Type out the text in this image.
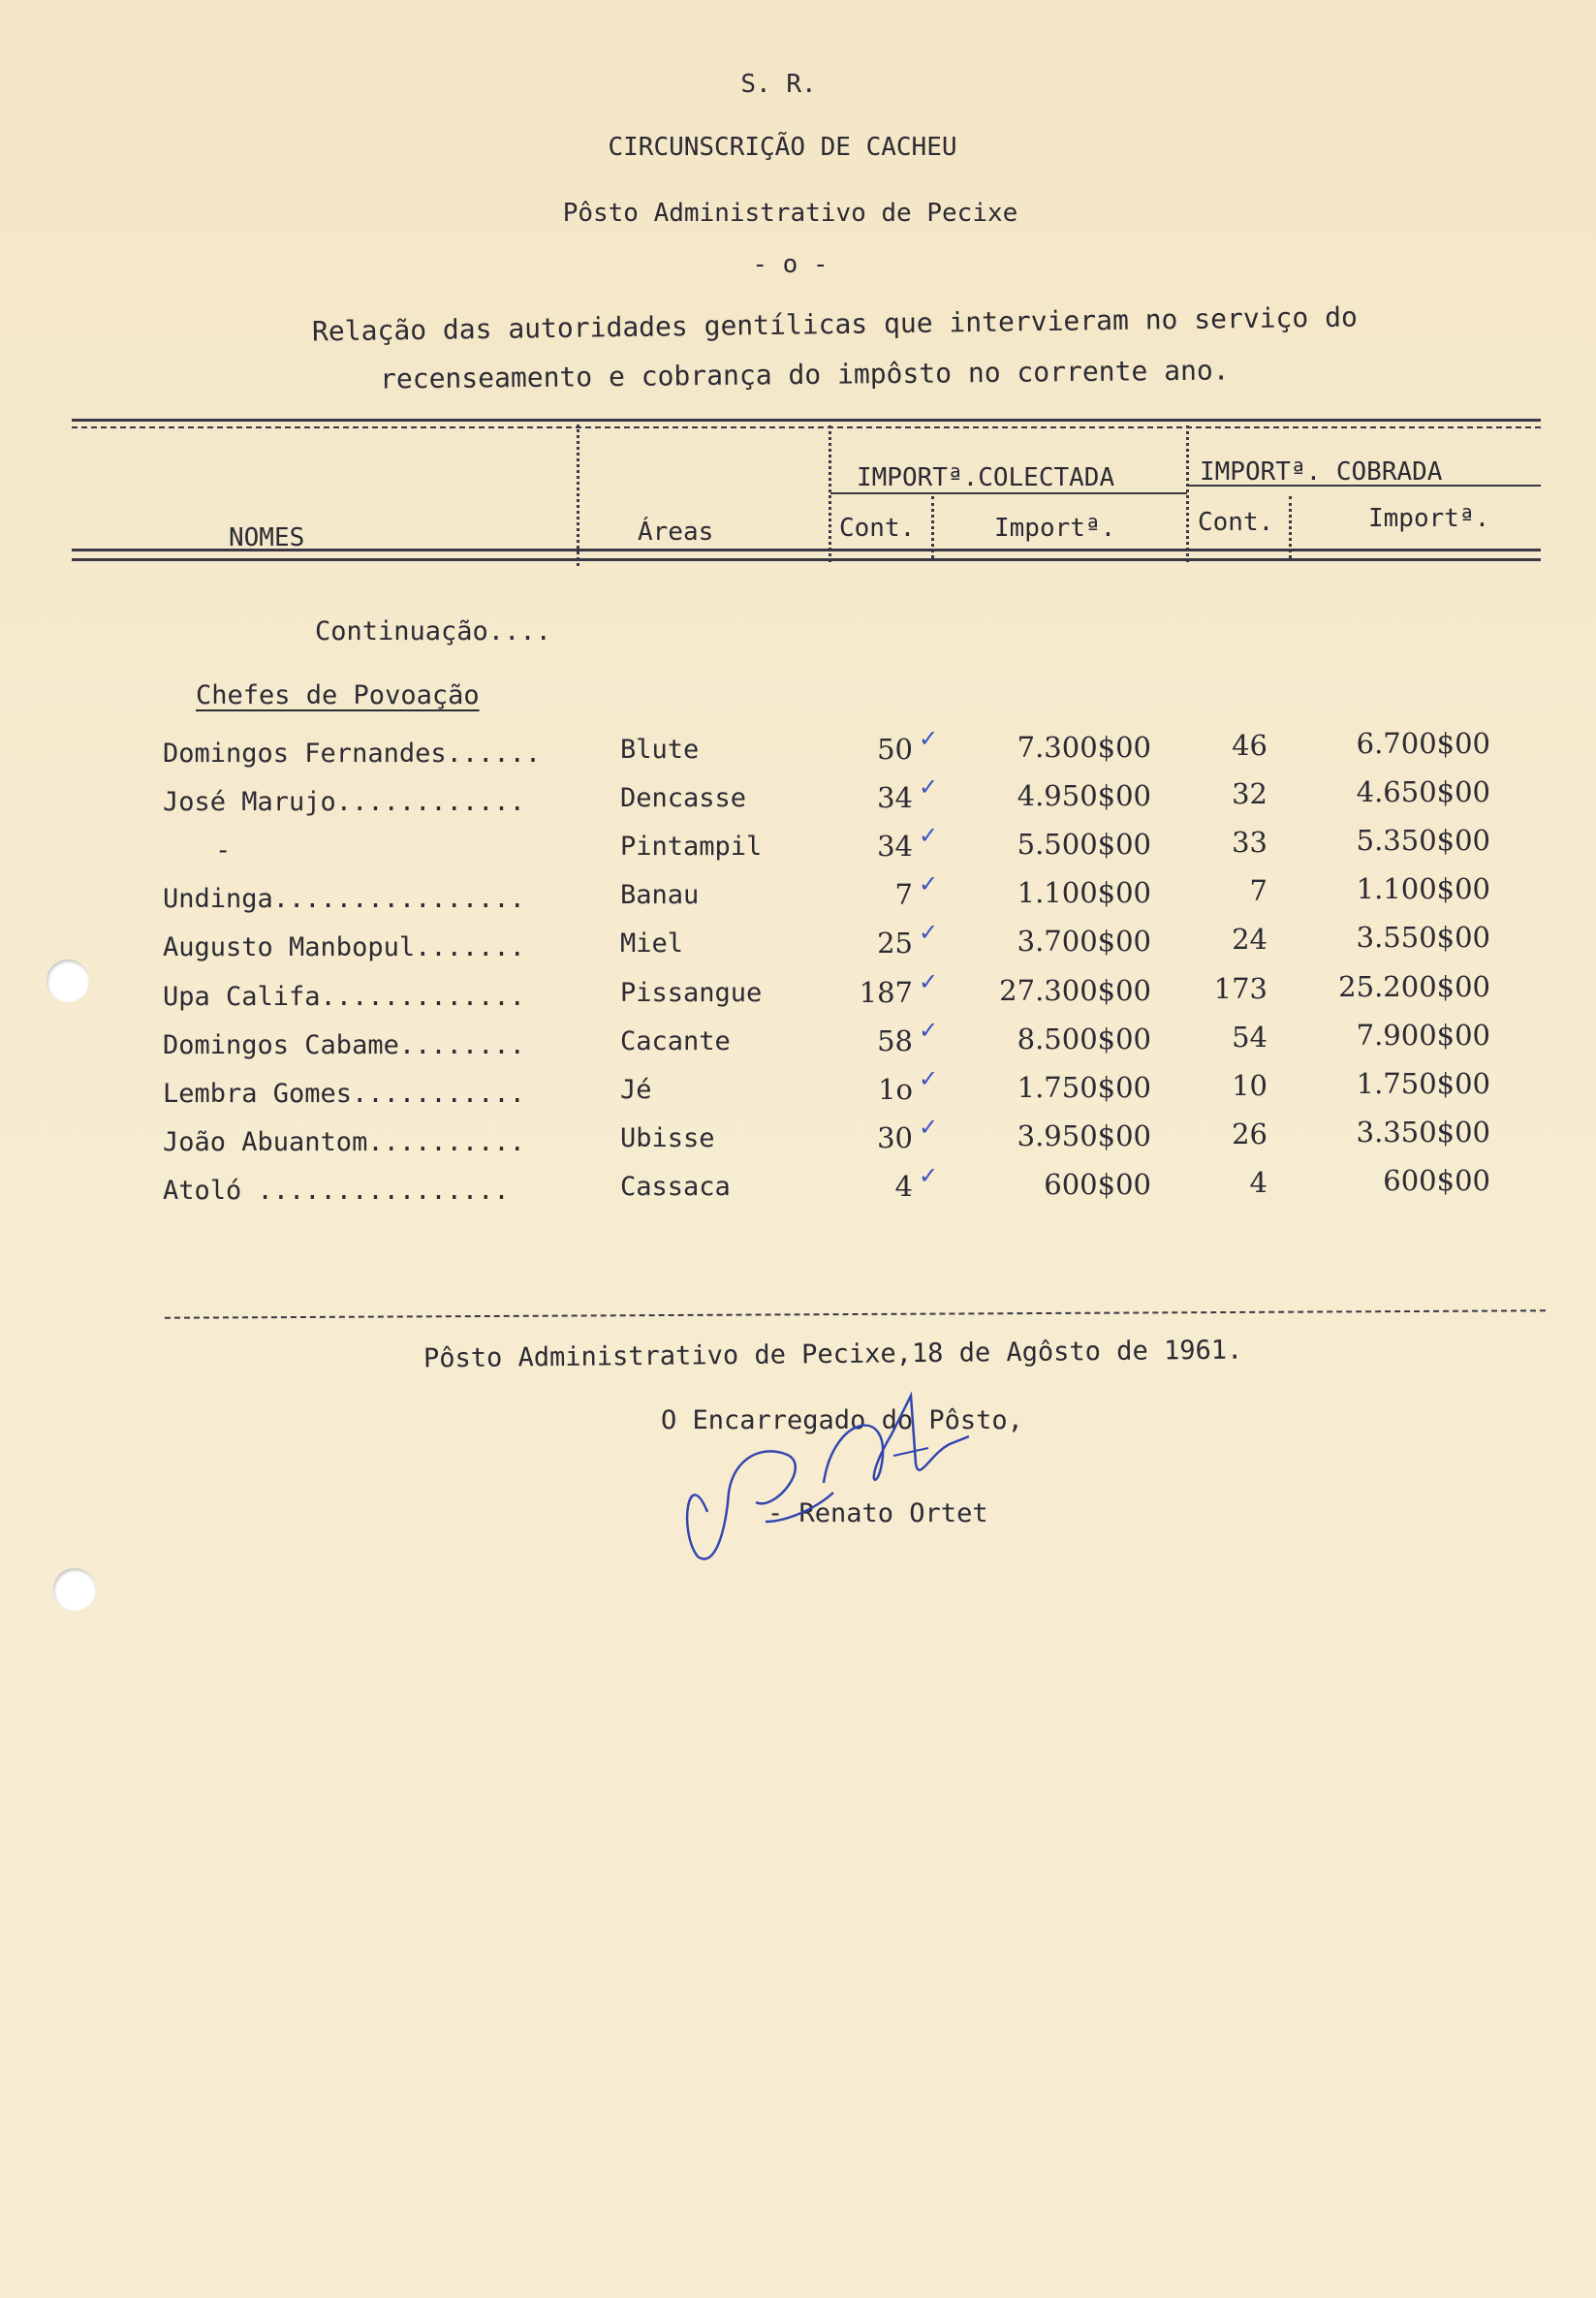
S. R.
CIRCUNSCRIÇÃO DE CACHEU
Pôsto Administrativo de Pecixe
- o -
Relação das autoridades gentílicas que intervieram no serviço do
recenseamento e cobrança do impôsto no corrente ano.
NOMES	Áreas
IMPORTª.COLECTADA	IMPORTª. COBRADA
Cont.	Importª.	Cont.	Importª.
Continuação....
Chefes de Povoação
Domingos Fernandes......	Blute	50	7.300$00	46	6.700$00
✓
José Marujo............	Dencasse	34	4.950$00	32	4.650$00
✓
-	Pintampil	34	5.500$00	33	5.350$00
✓
Undinga................	Banau	7	1.100$00	7	1.100$00
✓
Augusto Manbopul.......	Miel	25	3.700$00	24	3.550$00
✓
Upa Califa.............	Pissangue	187	27.300$00	173	25.200$00
✓
Domingos Cabame........	Cacante	58	8.500$00	54	7.900$00
✓
Lembra Gomes...........	Jé	1o	1.750$00	10	1.750$00
✓
João Abuantom..........	Ubisse	30	3.950$00	26	3.350$00
✓
Atoló ................	Cassaca	4	600$00	4	600$00
✓
Pôsto Administrativo de Pecixe,18 de Agôsto de 1961.
O Encarregado do Pôsto,
- Renato Ortet
